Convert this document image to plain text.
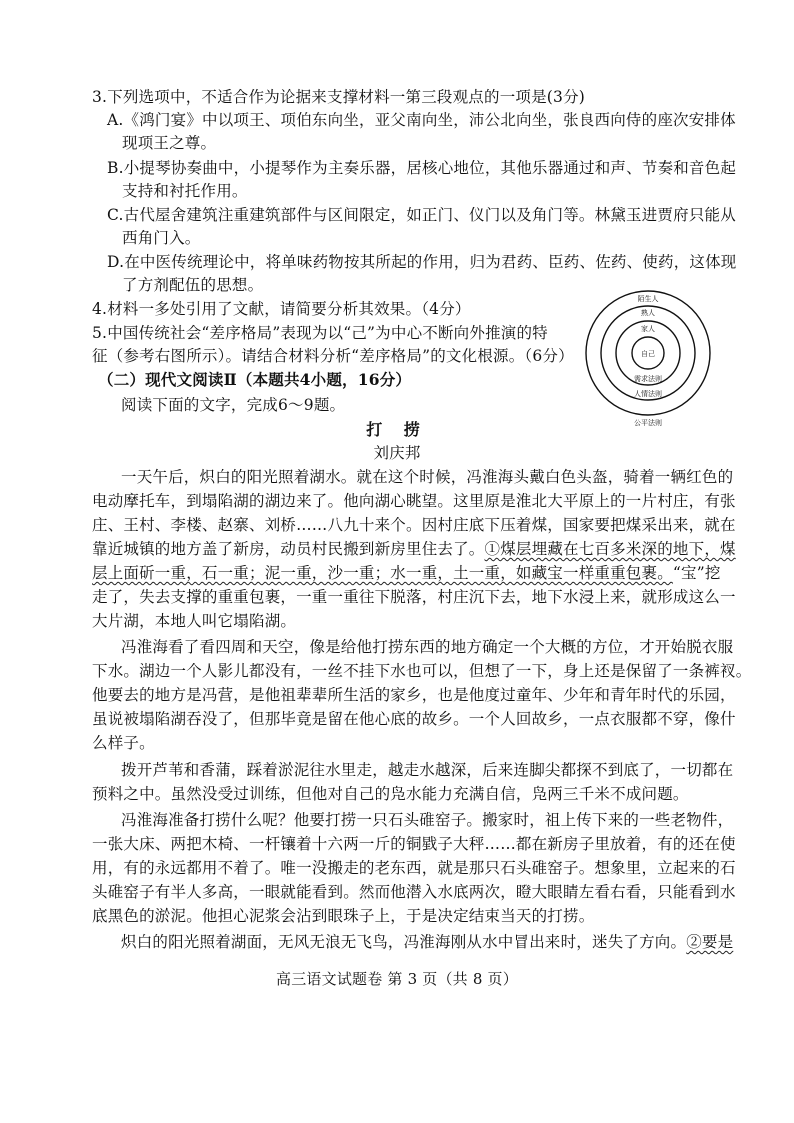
3.下列选项中，不适合作为论据来支撑材料一第三段观点的一项是(3分)
A.《鸿门宴》中以项王、项伯东向坐，亚父南向坐，沛公北向坐，张良西向侍的座次安排体
现项王之尊。
B.小提琴协奏曲中，小提琴作为主奏乐器，居核心地位，其他乐器通过和声、节奏和音色起
支持和衬托作用。
C.古代屋舍建筑注重建筑部件与区间限定，如正门、仪门以及角门等。林黛玉进贾府只能从
西角门入。
D.在中医传统理论中，将单味药物按其所起的作用，归为君药、臣药、佐药、使药，这体现
了方剂配伍的思想。
4.材料一多处引用了文献，请简要分析其效果。（4分）
5.中国传统社会“差序格局”表现为以“己”为中心不断向外推演的特
征（参考右图所示）。请结合材料分析“差序格局”的文化根源。（6分）
（二）现代文阅读Ⅱ（本题共4小题，16分）
阅读下面的文字，完成6～9题。
自己
家人
熟人
陌生人
需求法则
人情法则
公平法则
打 捞
刘庆邦
一天午后，炽白的阳光照着湖水。就在这个时候，冯淮海头戴白色头盔，骑着一辆红色的
电动摩托车，到塌陷湖的湖边来了。他向湖心眺望。这里原是淮北大平原上的一片村庄，有张
庄、王村、李楼、赵寨、刘桥……八九十来个。因村庄底下压着煤，国家要把煤采出来，就在
靠近城镇的地方盖了新房，动员村民搬到新房里住去了。①煤层埋藏在七百多米深的地下，煤
层上面斫一重，石一重；泥一重，沙一重；水一重，土一重，如藏宝一样重重包裹。“宝”挖
走了，失去支撑的重重包裹，一重一重往下脱落，村庄沉下去，地下水浸上来，就形成这么一
大片湖，本地人叫它塌陷湖。
冯淮海看了看四周和天空，像是给他打捞东西的地方确定一个大概的方位，才开始脱衣服
下水。湖边一个人影儿都没有，一丝不挂下水也可以，但想了一下，身上还是保留了一条裤衩。
他要去的地方是冯营，是他祖辈辈所生活的家乡，也是他度过童年、少年和青年时代的乐园，
虽说被塌陷湖吞没了，但那毕竟是留在他心底的故乡。一个人回故乡，一点衣服都不穿，像什
么样子。
拨开芦苇和香蒲，踩着淤泥往水里走，越走水越深，后来连脚尖都探不到底了，一切都在
预料之中。虽然没受过训练，但他对自己的凫水能力充满自信，凫两三千米不成问题。
冯淮海准备打捞什么呢？他要打捞一只石头碓窑子。搬家时，祖上传下来的一些老物件，
一张大床、两把木椅、一杆镶着十六两一斤的铜戥子大秤……都在新房子里放着，有的还在使
用，有的永远都用不着了。唯一没搬走的老东西，就是那只石头碓窑子。想象里，立起来的石
头碓窑子有半人多高，一眼就能看到。然而他潜入水底两次，瞪大眼睛左看右看，只能看到水
底黑色的淤泥。他担心泥浆会沾到眼珠子上，于是决定结束当天的打捞。
炽白的阳光照着湖面，无风无浪无飞鸟，冯淮海刚从水中冒出来时，迷失了方向。②要是
高三语文试题卷 第 3 页（共 8 页）
